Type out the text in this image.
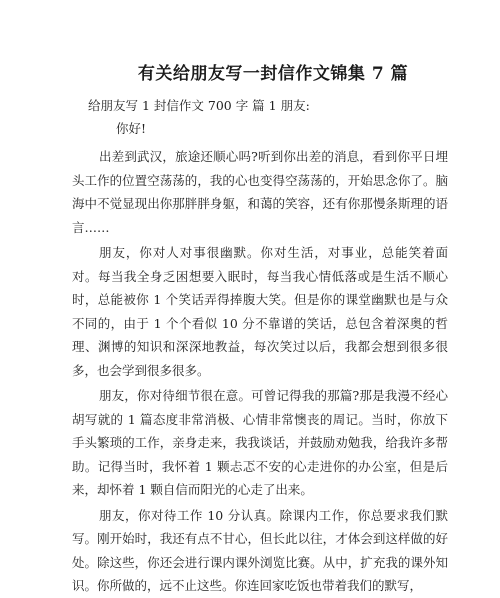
有关给朋友写一封信作文锦集 7 篇
给朋友写 1 封信作文 700 字 篇 1 朋友:
你好!

出差到武汉，旅途还顺心吗?听到你出差的消息，看到你平日埋头工作的位置空荡荡的，我的心也变得空荡荡的，开始思念你了。脑海中不觉显现出你那胖胖身躯，和蔼的笑容，还有你那慢条斯理的语言……

朋友，你对人对事很幽默。你对生活，对事业，总能笑着面对。每当我全身乏困想要入眠时，每当我心情低落或是生活不顺心时，总能被你 1 个笑话弄得捧腹大笑。但是你的课堂幽默也是与众不同的，由于 1 个个看似 10 分不靠谱的笑话，总包含着深奥的哲理、渊博的知识和深深地教益，每次笑过以后，我都会想到很多很多，也会学到很多很多。

朋友，你对待细节很在意。可曾记得我的那篇?那是我漫不经心胡写就的 1 篇态度非常消极、心情非常懊丧的周记。当时，你放下手头繁琐的工作，亲身走来，我我谈话，并鼓励劝勉我，给我许多帮助。记得当时，我怀着 1 颗忐忑不安的心走进你的办公室，但是后来，却怀着 1 颗自信而阳光的心走了出来。

朋友，你对待工作 10 分认真。除课内工作，你总要求我们默写。刚开始时，我还有点不甘心，但长此以往，才体会到这样做的好处。除这些，你还会进行课内课外浏览比赛。从中，扩充我的课外知识。你所做的，远不止这些。你连回家吃饭也带着我们的默写，
